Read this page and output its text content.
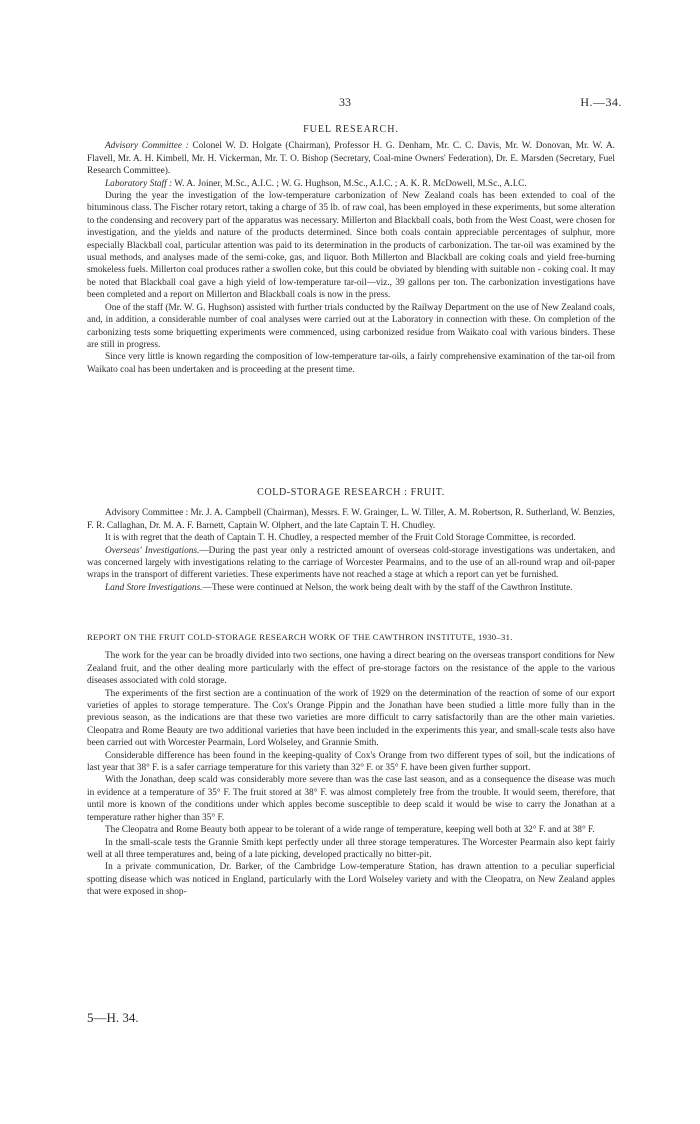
33	H.—34.
FUEL RESEARCH.

Advisory Committee : Colonel W. D. Holgate (Chairman), Professor H. G. Denham, Mr. C. C. Davis, Mr. W. Donovan, Mr. W. A. Flavell, Mr. A. H. Kimbell, Mr. H. Vickerman, Mr. T. O. Bishop (Secretary, Coal-mine Owners' Federation), Dr. E. Marsden (Secretary, Fuel Research Committee).

Laboratory Staff : W. A. Joiner, M.Sc., A.I.C. ; W. G. Hughson, M.Sc., A.I.C. ; A. K. R. McDowell, M.Sc., A.I.C.

During the year the investigation of the low-temperature carbonization of New Zealand coals has been extended to coal of the bituminous class. The Fischer rotary retort, taking a charge of 35 lb. of raw coal, has been employed in these experiments, but some alteration to the condensing and recovery part of the apparatus was necessary. Millerton and Blackball coals, both from the West Coast, were chosen for investigation, and the yields and nature of the products determined. Since both coals contain appreciable percentages of sulphur, more especially Blackball coal, particular attention was paid to its determination in the products of carbonization. The tar-oil was examined by the usual methods, and analyses made of the semi-coke, gas, and liquor. Both Millerton and Blackball are coking coals and yield free-burning smokeless fuels. Millerton coal produces rather a swollen coke, but this could be obviated by blending with suitable non - coking coal. It may be noted that Blackball coal gave a high yield of low-temperature tar-oil—viz., 39 gallons per ton. The carbonization investigations have been completed and a report on Millerton and Blackball coals is now in the press.

One of the staff (Mr. W. G. Hughson) assisted with further trials conducted by the Railway Department on the use of New Zealand coals, and, in addition, a considerable number of coal analyses were carried out at the Laboratory in connection with these. On completion of the carbonizing tests some briquetting experiments were commenced, using carbonized residue from Waikato coal with various binders. These are still in progress.

Since very little is known regarding the composition of low-temperature tar-oils, a fairly comprehensive examination of the tar-oil from Waikato coal has been undertaken and is proceeding at the present time.

COLD-STORAGE RESEARCH : FRUIT.

Advisory Committee : Mr. J. A. Campbell (Chairman), Messrs. F. W. Grainger, L. W. Tiller, A. M. Robertson, R. Sutherland, W. Benzies, F. R. Callaghan, Dr. M. A. F. Barnett, Captain W. Olphert, and the late Captain T. H. Chudley.

It is with regret that the death of Captain T. H. Chudley, a respected member of the Fruit Cold Storage Committee, is recorded.

Overseas' Investigations.—During the past year only a restricted amount of overseas cold-storage investigations was undertaken, and was concerned largely with investigations relating to the carriage of Worcester Pearmains, and to the use of an all-round wrap and oil-paper wraps in the transport of different varieties. These experiments have not reached a stage at which a report can yet be furnished.

Land Store Investigations.—These were continued at Nelson, the work being dealt with by the staff of the Cawthron Institute.

REPORT ON THE FRUIT COLD-STORAGE RESEARCH WORK OF THE CAWTHRON INSTITUTE, 1930–31.

The work for the year can be broadly divided into two sections, one having a direct bearing on the overseas transport conditions for New Zealand fruit, and the other dealing more particularly with the effect of pre-storage factors on the resistance of the apple to the various diseases associated with cold storage.

The experiments of the first section are a continuation of the work of 1929 on the determination of the reaction of some of our export varieties of apples to storage temperature. The Cox's Orange Pippin and the Jonathan have been studied a little more fully than in the previous season, as the indications are that these two varieties are more difficult to carry satisfactorily than are the other main varieties. Cleopatra and Rome Beauty are two additional varieties that have been included in the experiments this year, and small-scale tests also have been carried out with Worcester Pearmain, Lord Wolseley, and Grannie Smith.

Considerable difference has been found in the keeping-quality of Cox's Orange from two different types of soil, but the indications of last year that 38° F. is a safer carriage temperature for this variety than 32° F. or 35° F. have been given further support.

With the Jonathan, deep scald was considerably more severe than was the case last season, and as a consequence the disease was much in evidence at a temperature of 35° F. The fruit stored at 38° F. was almost completely free from the trouble. It would seem, therefore, that until more is known of the conditions under which apples become susceptible to deep scald it would be wise to carry the Jonathan at a temperature rather higher than 35° F.

The Cleopatra and Rome Beauty both appear to be tolerant of a wide range of temperature, keeping well both at 32° F. and at 38° F.

In the small-scale tests the Grannie Smith kept perfectly under all three storage temperatures. The Worcester Pearmain also kept fairly well at all three temperatures and, being of a late picking, developed practically no bitter-pit.

In a private communication, Dr. Barker, of the Cambridge Low-temperature Station, has drawn attention to a peculiar superficial spotting disease which was noticed in England, particularly with the Lord Wolseley variety and with the Cleopatra, on New Zealand apples that were exposed in shop-

5—H. 34.
